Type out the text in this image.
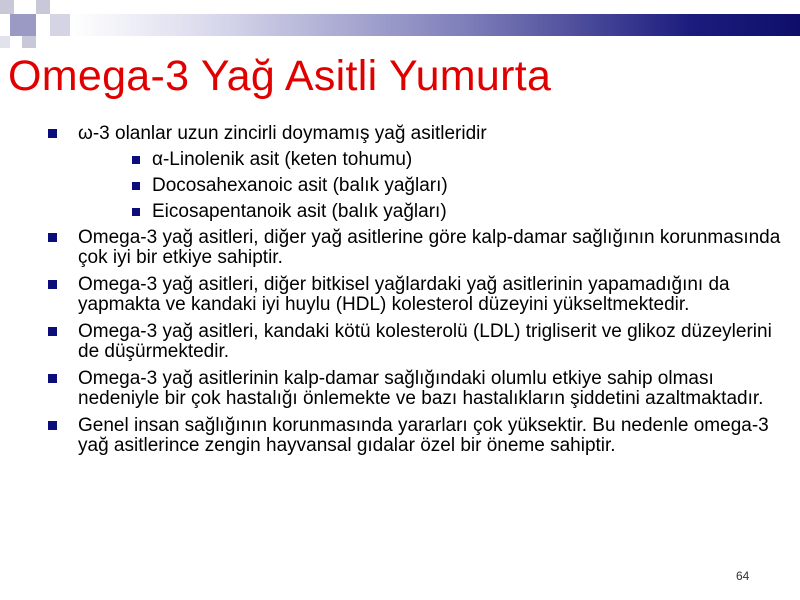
Omega-3 Yağ Asitli Yumurta
ω-3 olanlar uzun zincirli doymamış yağ asitleridir
α-Linolenik asit (keten tohumu)
Docosahexanoic asit (balık yağları)
Eicosapentanoik asit (balık yağları)
Omega-3 yağ asitleri, diğer yağ asitlerine göre kalp-damar sağlığının korunmasında çok iyi bir etkiye sahiptir.
Omega-3 yağ asitleri, diğer bitkisel yağlardaki yağ asitlerinin yapamadığını da yapmakta ve kandaki iyi huylu (HDL) kolesterol düzeyini yükseltmektedir.
Omega-3 yağ asitleri, kandaki kötü kolesterolü (LDL) trigliserit ve glikoz düzeylerini de düşürmektedir.
Omega-3 yağ asitlerinin kalp-damar sağlığındaki olumlu etkiye sahip olması nedeniyle bir çok hastalığı önlemekte ve bazı hastalıkların şiddetini azaltmaktadır.
Genel insan sağlığının korunmasında yararları çok yüksektir. Bu nedenle omega-3 yağ asitlerince zengin hayvansal gıdalar özel bir öneme sahiptir.
64
